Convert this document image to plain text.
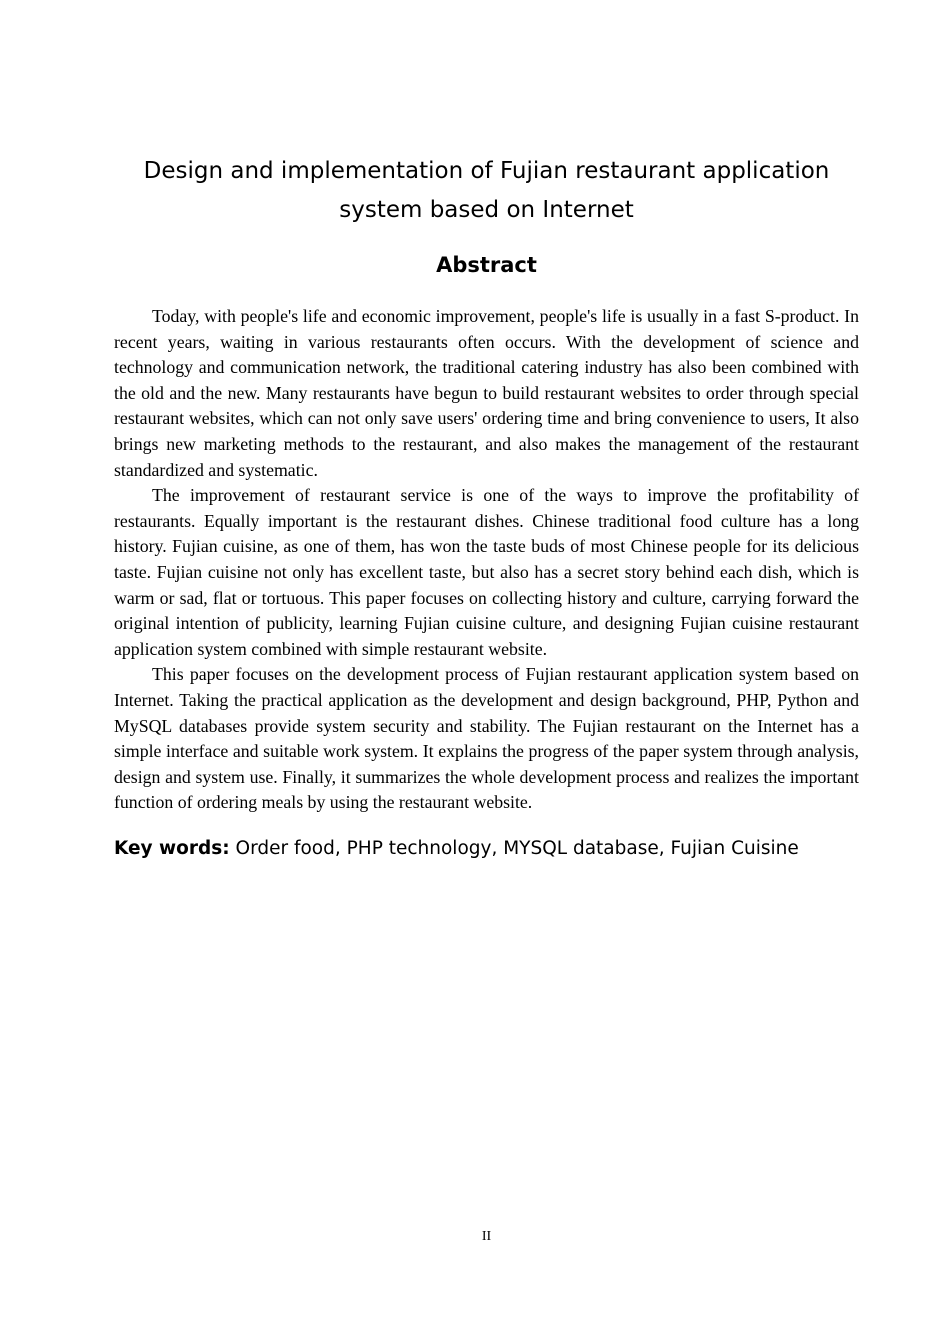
Design and implementation of Fujian restaurant application
system based on Internet
Abstract

Today, with people's life and economic improvement, people's life is usually in a fast S-product. In recent years, waiting in various restaurants often occurs. With the development of science and technology and communication network, the traditional catering industry has also been combined with the old and the new. Many restaurants have begun to build restaurant websites to order through special restaurant websites, which can not only save users' ordering time and bring convenience to users, It also brings new marketing methods to the restaurant, and also makes the management of the restaurant standardized and systematic.

The improvement of restaurant service is one of the ways to improve the profitability of restaurants. Equally important is the restaurant dishes. Chinese traditional food culture has a long history. Fujian cuisine, as one of them, has won the taste buds of most Chinese people for its delicious taste. Fujian cuisine not only has excellent taste, but also has a secret story behind each dish, which is warm or sad, flat or tortuous. This paper focuses on collecting history and culture, carrying forward the original intention of publicity, learning Fujian cuisine culture, and designing Fujian cuisine restaurant application system combined with simple restaurant website.

This paper focuses on the development process of Fujian restaurant application system based on Internet. Taking the practical application as the development and design background, PHP, Python and MySQL databases provide system security and stability. The Fujian restaurant on the Internet has a simple interface and suitable work system. It explains the progress of the paper system through analysis, design and system use. Finally, it summarizes the whole development process and realizes the important function of ordering meals by using the restaurant website.

Key words: Order food, PHP technology, MYSQL database, Fujian Cuisine

II
